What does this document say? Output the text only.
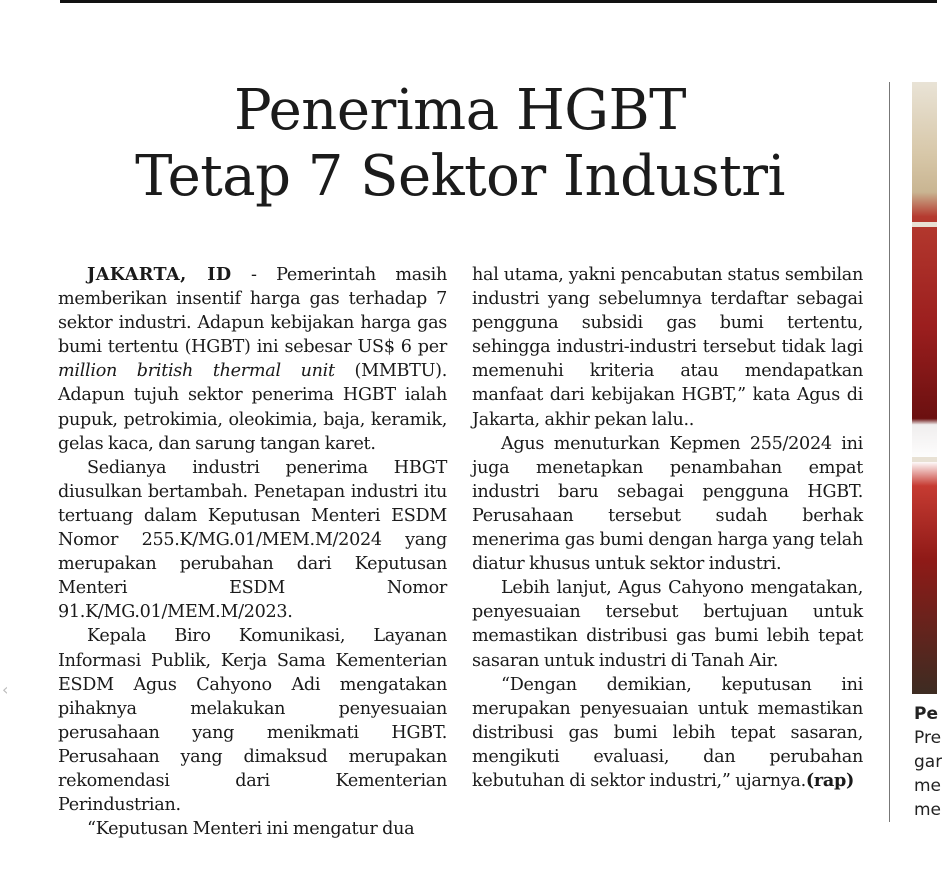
Penerima HGBT
Tetap 7 Sektor Industri

JAKARTA, ID - Pemerintah masih memberikan insentif harga gas terhadap 7 sektor industri. Adapun kebijakan harga gas bumi tertentu (HGBT) ini sebesar US$ 6 per million british thermal unit (MMBTU). Adapun tujuh sektor penerima HGBT ialah pupuk, petrokimia, oleokimia, baja, keramik, gelas kaca, dan sarung tangan karet.

Sedianya industri penerima HBGT diusulkan bertambah. Penetapan industri itu tertuang dalam Keputusan Menteri ESDM Nomor 255.K/MG.01/MEM.M/2024 yang merupakan perubahan dari Keputusan Menteri ESDM Nomor 91.K/MG.01/MEM.M/2023.

Kepala Biro Komunikasi, Layanan Informasi Publik, Kerja Sama Kementerian ESDM Agus Cahyono Adi mengatakan pihaknya melakukan penyesuaian perusahaan yang menikmati HGBT. Perusahaan yang dimaksud merupakan rekomendasi dari Kementerian Perindustrian.

“Keputusan Menteri ini mengatur dua

hal utama, yakni pencabutan status sembilan industri yang sebelumnya terdaftar sebagai pengguna subsidi gas bumi tertentu, sehingga industri-industri tersebut tidak lagi memenuhi kriteria atau mendapatkan manfaat dari kebijakan HGBT,” kata Agus di Jakarta, akhir pekan lalu..

Agus menuturkan Kepmen 255/2024 ini juga menetapkan penambahan empat industri baru sebagai pengguna HGBT. Perusahaan tersebut sudah berhak menerima gas bumi dengan harga yang telah diatur khusus untuk sektor industri.

Lebih lanjut, Agus Cahyono mengatakan, penyesuaian tersebut bertujuan untuk memastikan distribusi gas bumi lebih tepat sasaran untuk industri di Tanah Air.

“Dengan demikian, keputusan ini merupakan penyesuaian untuk memastikan distribusi gas bumi lebih tepat sasaran, mengikuti evaluasi, dan perubahan kebutuhan di sektor industri,” ujarnya.(rap)

Pe
Pre
gar
me
me
‹
